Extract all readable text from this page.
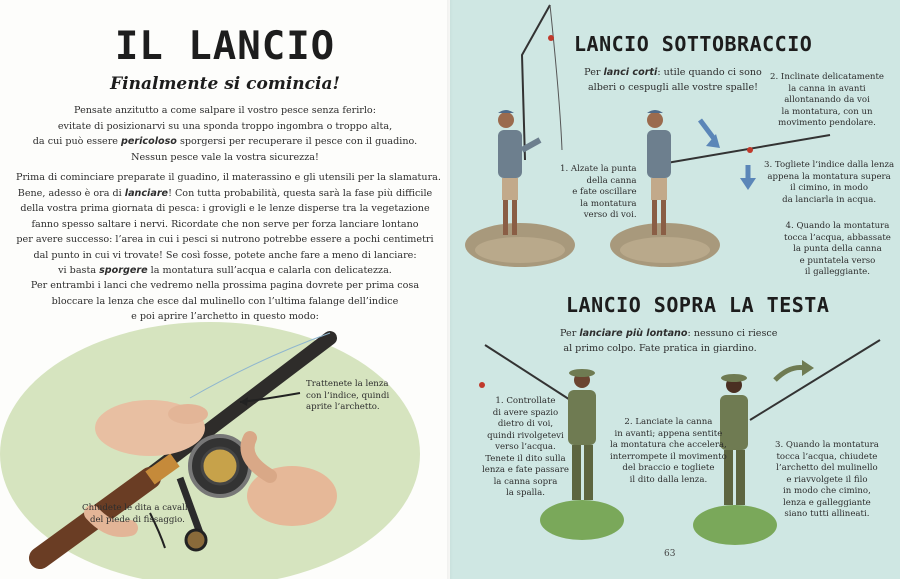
IL LANCIO
Finalmente si comincia!
Pensate anzitutto a come salpare il vostro pesce senza ferirlo:
evitate di posizionarvi su una sponda troppo ingombra o troppo alta,
da cui può essere pericoloso sporgersi per recuperare il pesce con il guadino.
Nessun pesce vale la vostra sicurezza!
Prima di cominciare preparate il guadino, il materassino e gli utensili per la slamatura.
Bene, adesso è ora di lanciare! Con tutta probabilità, questa sarà la fase più difficile
della vostra prima giornata di pesca: i grovigli e le lenze disperse tra la vegetazione
fanno spesso saltare i nervi. Ricordate che non serve per forza lanciare lontano
per avere successo: l’area in cui i pesci si nutrono potrebbe essere a pochi centimetri
dal punto in cui vi trovate! Se così fosse, potete anche fare a meno di lanciare:
vi basta sporgere la montatura sull’acqua e calarla con delicatezza.
Per entrambi i lanci che vedremo nella prossima pagina dovrete per prima cosa
bloccare la lenza che esce dal mulinello con l’ultima falange dell’indice
e poi aprire l’archetto in questo modo:
Trattenete la lenza
con l’indice, quindi
aprite l’archetto.
Chiudete le dita a cavallo
del piede di fissaggio.
LANCIO SOTTOBRACCIO
Per lanci corti: utile quando ci sono
alberi o cespugli alle vostre spalle!
1. Alzate la punta
della canna
e fate oscillare
la montatura
verso di voi.
2. Inclinate delicatamente
la canna in avanti
allontanando da voi
la montatura, con un
movimento pendolare.
3. Togliete l’indice dalla lenza
appena la montatura supera
il cimino, in modo
da lanciarla in acqua.
4. Quando la montatura
tocca l’acqua, abbassate
la punta della canna
e puntatela verso
il galleggiante.
LANCIO SOPRA LA TESTA
Per lanciare più lontano: nessuno ci riesce
al primo colpo. Fate pratica in giardino.
1. Controllate
di avere spazio
dietro di voi,
quindi rivolgetevi
verso l’acqua.
Tenete il dito sulla
lenza e fate passare
la canna sopra
la spalla.
2. Lanciate la canna
in avanti; appena sentite
la montatura che accelera,
interrompete il movimento
del braccio e togliete
il dito dalla lenza.
3. Quando la montatura
tocca l’acqua, chiudete
l’archetto del mulinello
e riavvolgete il filo
in modo che cimino,
lenza e galleggiante
siano tutti allineati.
63
